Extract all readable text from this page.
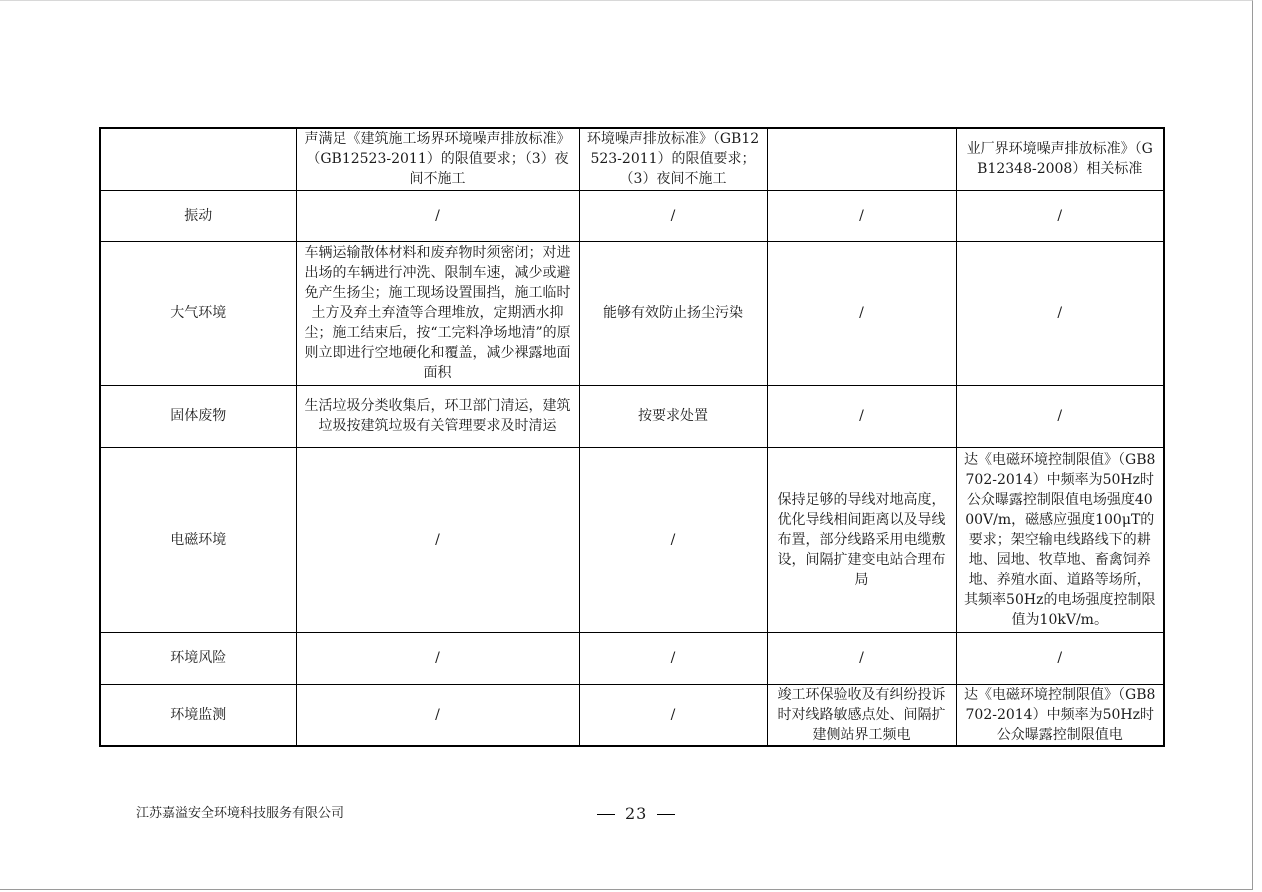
	声满足《建筑施工场界环境噪声排放标准》（GB12523-2011）的限值要求；（3）夜间不施工	环境噪声排放标准》（GB12523-2011）的限值要求；（3）夜间不施工		业厂界环境噪声排放标准》（GB12348-2008）相关标准
振动	/	/	/	/
大气环境	车辆运输散体材料和废弃物时须密闭；对进出场的车辆进行冲洗、限制车速，减少或避免产生扬尘；施工现场设置围挡，施工临时土方及弃土弃渣等合理堆放，定期洒水抑尘；施工结束后，按“工完料净场地清”的原则立即进行空地硬化和覆盖，减少裸露地面面积	能够有效防止扬尘污染	/	/
固体废物	生活垃圾分类收集后，环卫部门清运，建筑垃圾按建筑垃圾有关管理要求及时清运	按要求处置	/	/
电磁环境	/	/	保持足够的导线对地高度，优化导线相间距离以及导线布置，部分线路采用电缆敷设，间隔扩建变电站合理布局	达《电磁环境控制限值》（GB8702-2014）中频率为50Hz时公众曝露控制限值电场强度4000V/m，磁感应强度100μT的要求；架空输电线路线下的耕地、园地、牧草地、畜禽饲养地、养殖水面、道路等场所，其频率50Hz的电场强度控制限值为10kV/m。
环境风险	/	/	/	/
环境监测	/	/	竣工环保验收及有纠纷投诉时对线路敏感点处、间隔扩建侧站界工频电	达《电磁环境控制限值》（GB8702-2014）中频率为50Hz时公众曝露控制限值电
江苏嘉溢安全环境科技服务有限公司	23
